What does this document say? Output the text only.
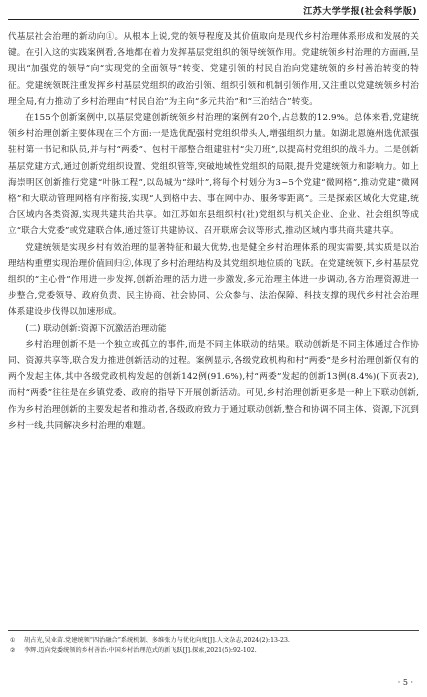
江苏大学学报(社会科学版)

代基层社会治理的新动向①。从根本上说,党的领导程度及其价值取向是现代乡村治理体系形成和发展的关键。在引入这的实践案例看,各地都在着力发挥基层党组织的领导统领作用。党建统领乡村治理的方面画,呈现出“加强党的领导”向“实现党的全面领导”转变、党建引领的村民自治向党建统领的乡村善治转变的特征。党建统领既注重发挥乡村基层党组织的政治引领、组织引领和机制引领作用,又注重以党建统领乡村治理全局,有力推动了乡村治理由“村民自治”为主向“多元共治”和“三治结合”转变。

在155个创新案例中,以基层党建创新统领乡村治理的案例有20个,占总数的12.9%。总体来看,党建统领乡村治理创新主要体现在三个方面:一是选优配强村党组织带头人,增强组织力量。如湖北恩施州选优派强驻村第一书记和队员,并与村“两委”、包村干部整合组建驻村“尖刀班”,以提高村党组织的战斗力。二是创新基层党建方式,通过创新党组织设置、党组织管等,突破地域性党组织的局限,提升党建统领力和影响力。如上海崇明区创新推行党建“叶脉工程”,以岛城为“绿叶”,将每个村划分为3~5个党建“微网格”,推动党建“微网格”和大联动管理网格有序衔接,实现“人到格中去、事在网中办、服务零距离”。三是探索区域化大党建,统合区域内各类资源,实现共建共治共享。如江苏如东县组织村(社)党组织与机关企业、企业、社会组织等成立“联合大党委”或党建联合体,通过签订共建协议、召开联席会议等形式,推动区域内事共商共建共享。

党建统领是实现乡村有效治理的显著特征和最大优势,也是健全乡村治理体系的现实需要,其实质是以治理结构重塑实现治理价值回归②,体现了乡村治理结构及其党组织地位质的飞跃。在党建统领下,乡村基层党组织的“主心骨”作用进一步发挥,创新治理的活力进一步激发,多元治理主体进一步调动,各方治理资源进一步整合,党委领导、政府负责、民主协商、社会协同、公众参与、法治保障、科技支撑的现代乡村社会治理体系建设步伐得以加速形成。

(二) 联动创新:资源下沉激活治理动能

乡村治理创新不是一个独立或孤立的事件,而是不同主体联动的结果。联动创新是不同主体通过合作协同、资源共享等,联合发力推进创新活动的过程。案例显示,各级党政机构和村“两委”是乡村治理创新仅有的两个发起主体,其中各级党政机构发起的创新142例(91.6%),村“两委”发起的创新13例(8.4%)(下页表2),而村“两委”往往是在乡镇党委、政府的指导下开展创新活动。可见,乡村治理创新更多是一种上下联动创新,作为乡村治理创新的主要发起者和推动者,各级政府致力于通过联动创新,整合和协调不同主体、资源,下沉到乡村一线,共同解决乡村治理的难题。

①	胡占光,吴业苗.党建统领“四治融合”系统机制、多维张力与优化向度[J].人文杂志,2024(2):13-23.
②	李辉.迈向党委统领的乡村善治:中国乡村治理范式的新飞跃[J].探索,2021(5):92-102.
· 5 ·
